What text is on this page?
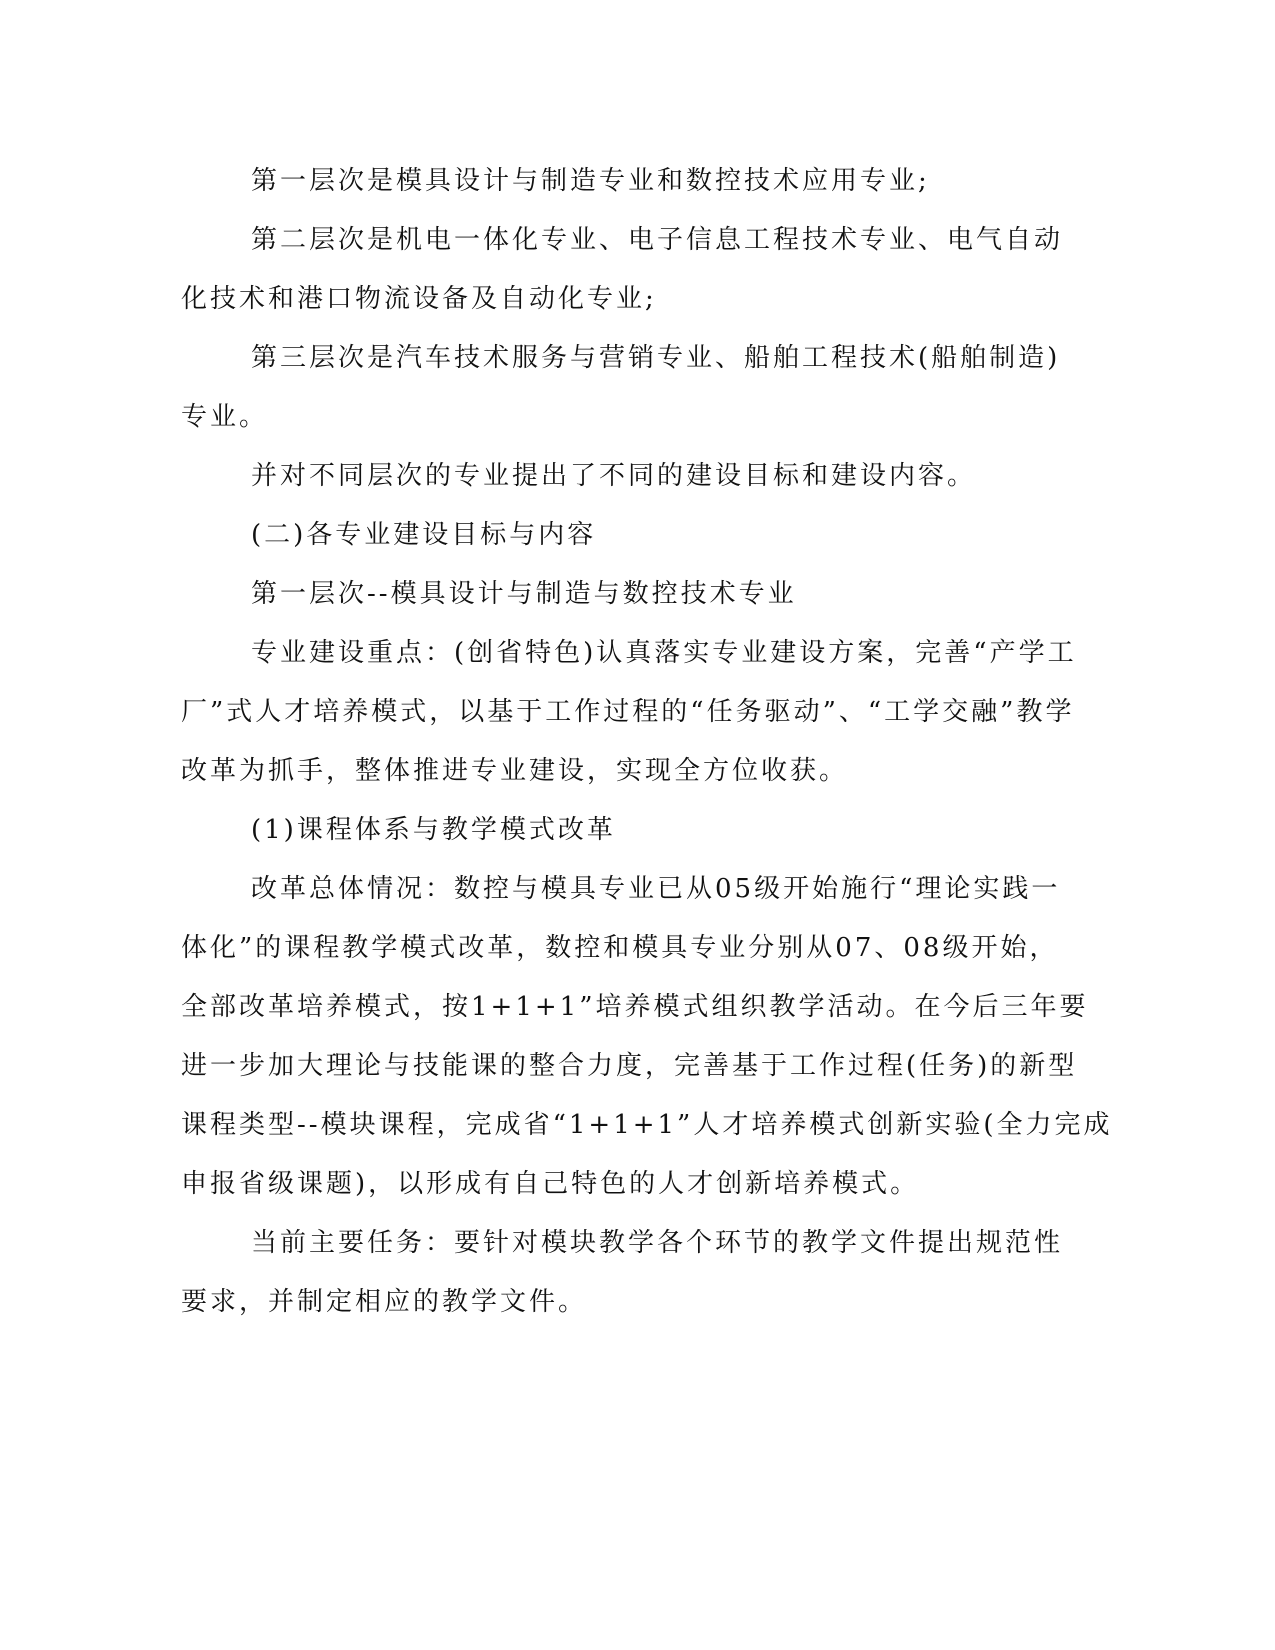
第一层次是模具设计与制造专业和数控技术应用专业;
第二层次是机电一体化专业、电子信息工程技术专业、电气自动
化技术和港口物流设备及自动化专业;
第三层次是汽车技术服务与营销专业、船舶工程技术(船舶制造)
专业。
并对不同层次的专业提出了不同的建设目标和建设内容。
(二)各专业建设目标与内容
第一层次--模具设计与制造与数控技术专业
专业建设重点：(创省特色)认真落实专业建设方案，完善“产学工
厂”式人才培养模式，以基于工作过程的“任务驱动”、“工学交融”教学
改革为抓手，整体推进专业建设，实现全方位收获。
(1)课程体系与教学模式改革
改革总体情况：数控与模具专业已从05级开始施行“理论实践一
体化”的课程教学模式改革，数控和模具专业分别从07、08级开始，
全部改革培养模式，按1+1+1”培养模式组织教学活动。在今后三年要
进一步加大理论与技能课的整合力度，完善基于工作过程(任务)的新型
课程类型--模块课程，完成省“1+1+1”人才培养模式创新实验(全力完成
申报省级课题)，以形成有自己特色的人才创新培养模式。
当前主要任务：要针对模块教学各个环节的教学文件提出规范性
要求，并制定相应的教学文件。
